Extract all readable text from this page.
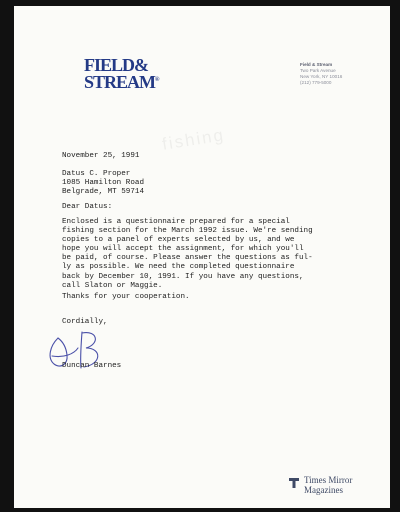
FIELD&
STREAM®
Field & Stream
Two Park Avenue
New York, NY 10016
(212) 779-5000
fishing
November 25, 1991
Datus C. Proper
1085 Hamilton Road
Belgrade, MT 59714
Dear Datus:
Enclosed is a questionnaire prepared for a special
fishing section for the March 1992 issue. We're sending
copies to a panel of experts selected by us, and we
hope you will accept the assignment, for which you'll
be paid, of course. Please answer the questions as ful-
ly as possible. We need the completed questionnaire
back by December 10, 1991. If you have any questions,
call Slaton or Maggie.
Thanks for your cooperation.
Cordially,
Duncan Barnes
Times Mirror
Magazines
